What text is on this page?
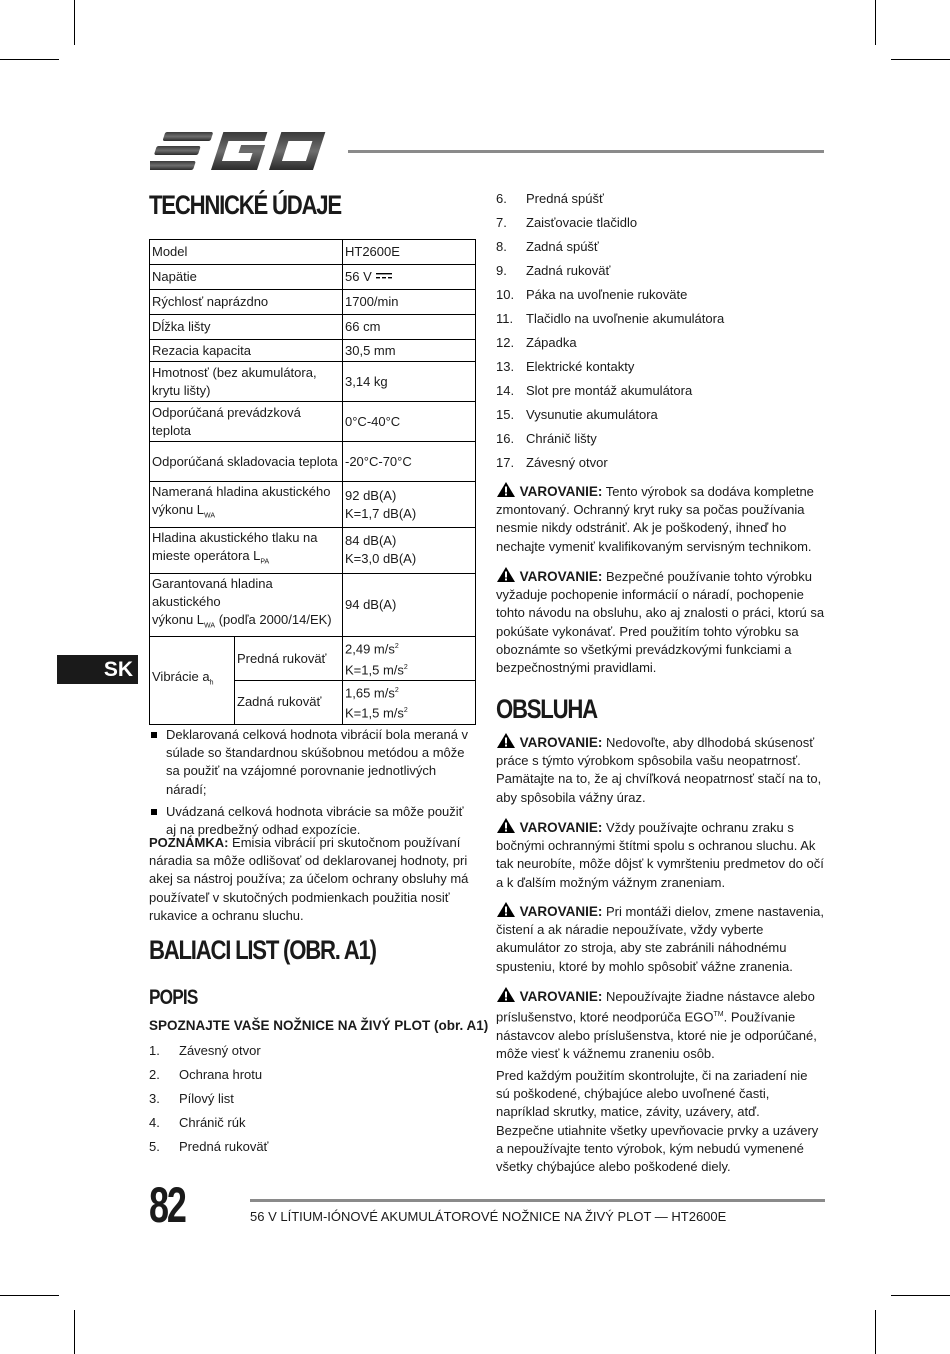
EGO
TECHNICKÉ ÚDAJE
Model		HT2600E
Napätie		56 V
Rýchlosť naprázdno		1700/min
Dĺžka lišty		66 cm
Rezacia kapacita		30,5 mm
Hmotnosť (bez akumulátora, krytu lišty)		3,14 kg
Odporúčaná prevádzková teplota		0°C-40°C
Odporúčaná skladovacia teplota		-20°C-70°C
Nameraná hladina akustického
výkonu $L_{WA}$		92 dB(A)
K=1,7 dB(A)
Hladina akustického tlaku na
mieste operátora $L_{PA}$		84 dB(A)
K=3,0 dB(A)
Garantovaná hladina akustického
výkonu $L_{WA}$ (podľa 2000/14/EK)		94 dB(A)
Vibrácie $a_h$	Predná rukoväť	2,49 $m/s^2$
K=1,5 $m/s^2$
	Zadná rukoväť	1,65 $m/s^2$
K=1,5 $m/s^2$
SK
Deklarovaná celková hodnota vibrácií bola meraná v súlade so štandardnou skúšobnou metódou a môže sa použiť na vzájomné porovnanie jednotlivých náradí;
Uvádzaná celková hodnota vibrácie sa môže použiť aj na predbežný odhad expozície.
POZNÁMKA: Emisia vibrácií pri skutočnom používaní náradia sa môže odlišovať od deklarovanej hodnoty, pri akej sa nástroj používa; za účelom ochrany obsluhy má používateľ v skutočných podmienkach použitia nosiť rukavice a ochranu sluchu.
BALIACI LIST (OBR. A1)
POPIS
SPOZNAJTE VAŠE NOŽNICE NA ŽIVÝ PLOT (obr. A1)
1.	Závesný otvor
2.	Ochrana hrotu
3.	Pílový list
4.	Chránič rúk
5.	Predná rukoväť
6.	Predná spúšť
7.	Zaisťovacie tlačidlo
8.	Zadná spúšť
9.	Zadná rukoväť
10. Páka na uvoľnenie rukoväte
11. Tlačidlo na uvoľnenie akumulátora
12. Západka
13. Elektrické kontakty
14. Slot pre montáž akumulátora
15. Vysunutie akumulátora
16. Chránič lišty
17. Závesný otvor
VAROVANIE: Tento výrobok sa dodáva kompletne zmontovaný. Ochranný kryt ruky sa počas používania nesmie nikdy odstrániť. Ak je poškodený, ihneď ho nechajte vymeniť kvalifikovaným servisným technikom.
VAROVANIE: Bezpečné používanie tohto výrobku vyžaduje pochopenie informácií o náradí, pochopenie tohto návodu na obsluhu, ako aj znalosti o práci, ktorú sa pokúšate vykonávať. Pred použitím tohto výrobku sa oboznámte so všetkými prevádzkovými funkciami a bezpečnostnými pravidlami.
OBSLUHA
VAROVANIE: Nedovoľte, aby dlhodobá skúsenosť práce s týmto výrobkom spôsobila vašu neopatrnosť. Pamätajte na to, že aj chvíľková neopatrnosť stačí na to, aby spôsobila vážny úraz.
VAROVANIE: Vždy používajte ochranu zraku s bočnými ochrannými štítmi spolu s ochranou sluchu. Ak tak neurobíte, môže dôjsť k vymršteniu predmetov do očí a k ďalším možným vážnym zraneniam.
VAROVANIE: Pri montáži dielov, zmene nastavenia, čistení a ak náradie nepoužívate, vždy vyberte akumulátor zo stroja, aby ste zabránili náhodnému spusteniu, ktoré by mohlo spôsobiť vážne zranenia.
VAROVANIE: Nepoužívajte žiadne nástavce alebo príslušenstvo, ktoré neodporúča EGO™. Používanie nástavcov alebo príslušenstva, ktoré nie je odporúčané, môže viesť k vážnemu zraneniu osôb.
Pred každým použitím skontrolujte, či na zariadení nie sú poškodené, chýbajúce alebo uvoľnené časti, napríklad skrutky, matice, závity, uzávery, atď. Bezpečne utiahnite všetky upevňovacie prvky a uzávery a nepoužívajte tento výrobok, kým nebudú vymenené všetky chýbajúce alebo poškodené diely.
82	56 V LÍTIUM-IÓNOVÉ AKUMULÁTOROVÉ NOŽNICE NA ŽIVÝ PLOT — HT2600E
